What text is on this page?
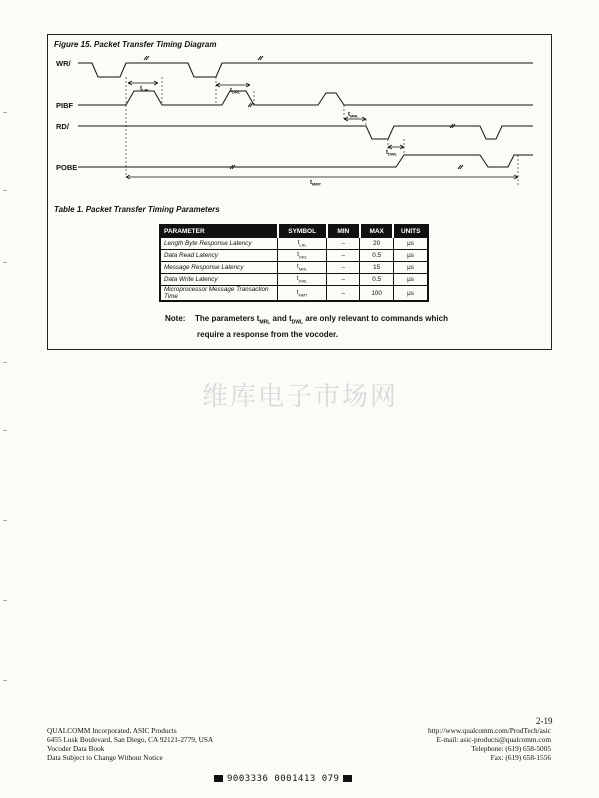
Figure 15. Packet Transfer Timing Diagram
WR/
PIBF
RD/
POBE
$t_{LRL}$	$t_{DRL}$
$t_{MRL}$
$t_{DWL}$
$t_{MMT}$
Table 1. Packet Transfer Timing Parameters
PARAMETER	SYMBOL	MIN	MAX	UNITS
Length Byte Response Latency	$t_{LRL}$	–	20	µs
Data Read Latency	$t_{DRL}$	–	0.5	µs
Message Response Latency	$t_{MRL}$	–	15	µs
Data Write Latency	$t_{DWL}$	–	0.5	µs
Microprocessor Message Transaction Time	$t_{MMT}$	–	100	µs
Note: The parameters $t_{MRL}$ and $t_{DWL}$ are only relevant to commands which
require a response from the vocoder.
维库电子市场网
2-19
QUALCOMM Incorporated, ASIC Products
6455 Lusk Boulevard, San Diego, CA 92121-2779, USA
Vocoder Data Book
Data Subject to Change Without Notice
http://www.qualcomm.com/ProdTech/asic
E-mail: asic-products@qualcomm.com
Telephone: (619) 658-5005
Fax: (619) 658-1556
9003336 0001413 079
